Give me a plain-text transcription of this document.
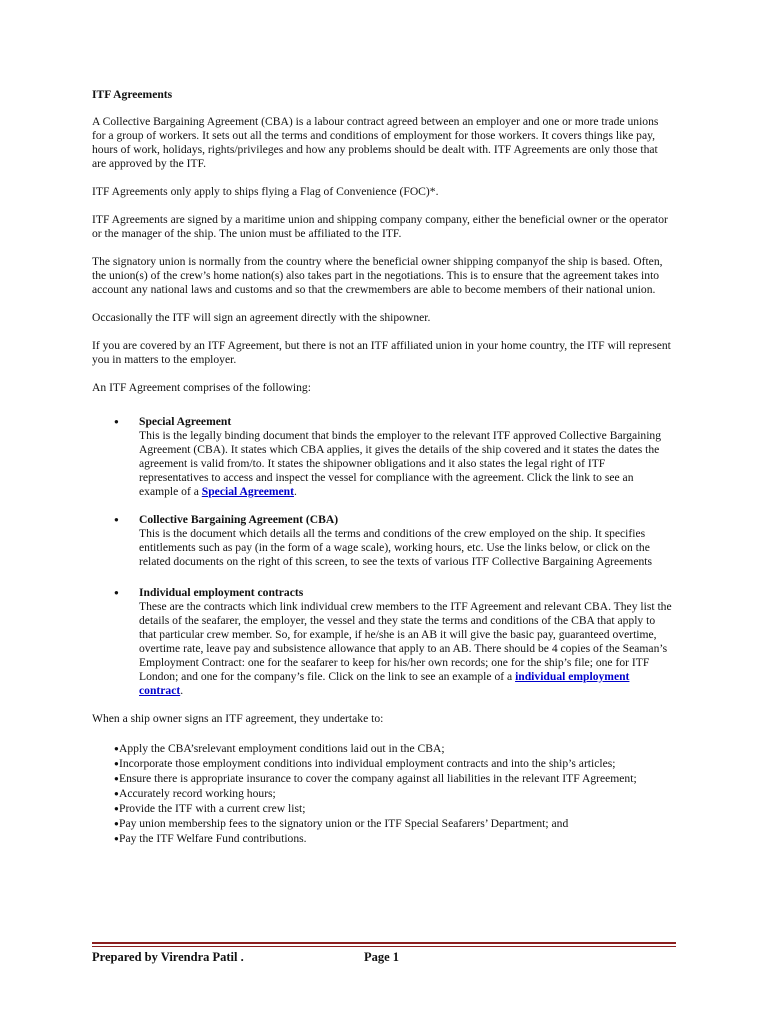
ITF Agreements

A Collective Bargaining Agreement (CBA) is a labour contract agreed between an employer and one or more trade unions for a group of workers. It sets out all the terms and conditions of employment for those workers. It covers things like pay, hours of work, holidays, rights/privileges and how any problems should be dealt with. ITF Agreements are only those that are approved by the ITF.

ITF Agreements only apply to ships flying a Flag of Convenience (FOC)*.

ITF Agreements are signed by a maritime union and shipping company company, either the beneficial owner or the operator or the manager of the ship. The union must be affiliated to the ITF.

The signatory union is normally from the country where the beneficial owner shipping companyof the ship is based. Often, the union(s) of the crew’s home nation(s) also takes part in the negotiations. This is to ensure that the agreement takes into account any national laws and customs and so that the crewmembers are able to become members of their national union.

Occasionally the ITF will sign an agreement directly with the shipowner.

If you are covered by an ITF Agreement, but there is not an ITF affiliated union in your home country, the ITF will represent you in matters to the employer.

An ITF Agreement comprises of the following:

● Special Agreement
This is the legally binding document that binds the employer to the relevant ITF approved Collective Bargaining Agreement (CBA). It states which CBA applies, it gives the details of the ship covered and it states the dates the agreement is valid from/to. It states the shipowner obligations and it also states the legal right of ITF representatives to access and inspect the vessel for compliance with the agreement. Click the link to see an example of a Special Agreement.
● Collective Bargaining Agreement (CBA)
This is the document which details all the terms and conditions of the crew employed on the ship. It specifies entitlements such as pay (in the form of a wage scale), working hours, etc. Use the links below, or click on the related documents on the right of this screen, to see the texts of various ITF Collective Bargaining Agreements
● Individual employment contracts
These are the contracts which link individual crew members to the ITF Agreement and relevant CBA. They list the details of the seafarer, the employer, the vessel and they state the terms and conditions of the CBA that apply to that particular crew member. So, for example, if he/she is an AB it will give the basic pay, guaranteed overtime, overtime rate, leave pay and subsistence allowance that apply to an AB. There should be 4 copies of the Seaman’s Employment Contract: one for the seafarer to keep for his/her own records; one for the ship’s file; one for ITF London; and one for the company’s file. Click on the link to see an example of a individual employment contract.

When a ship owner signs an ITF agreement, they undertake to:

● Apply the CBA’srelevant employment conditions laid out in the CBA;
● Incorporate those employment conditions into individual employment contracts and into the ship’s articles;
● Ensure there is appropriate insurance to cover the company against all liabilities in the relevant ITF Agreement;
● Accurately record working hours;
● Provide the ITF with a current crew list;
● Pay union membership fees to the signatory union or the ITF Special Seafarers’ Department; and
● Pay the ITF Welfare Fund contributions.
Prepared by Virendra Patil .	Page 1
